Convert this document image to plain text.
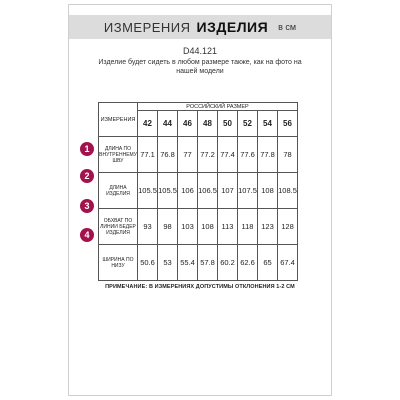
ИЗМЕРЕНИЯ ИЗДЕЛИЯ в см
D44.121
Изделие будет сидеть в любом размере также, как на фото на нашей модели
1
2
3
4
ИЗМЕРЕНИЯ	РОССИЙСКИЙ РАЗМЕР							
	42	44	46	48	50	52	54	56
ДЛИНА ПО ВНУТРЕННЕМУ ШВУ	77.1	76.8	77	77.2	77.4	77.6	77.8	78
ДЛИНА ИЗДЕЛИЯ	105.5	105.5	106	106.5	107	107.5	108	108.5
ОБХВАТ ПО ЛИНИИ БЕДЕР ИЗДЕЛИЯ	93	98	103	108	113	118	123	128
ШИРИНА ПО НИЗУ	50.6	53	55.4	57.8	60.2	62.6	65	67.4
ПРИМЕЧАНИЕ: В ИЗМЕРЕНИЯХ ДОПУСТИМЫ ОТКЛОНЕНИЯ 1-2 СМ
